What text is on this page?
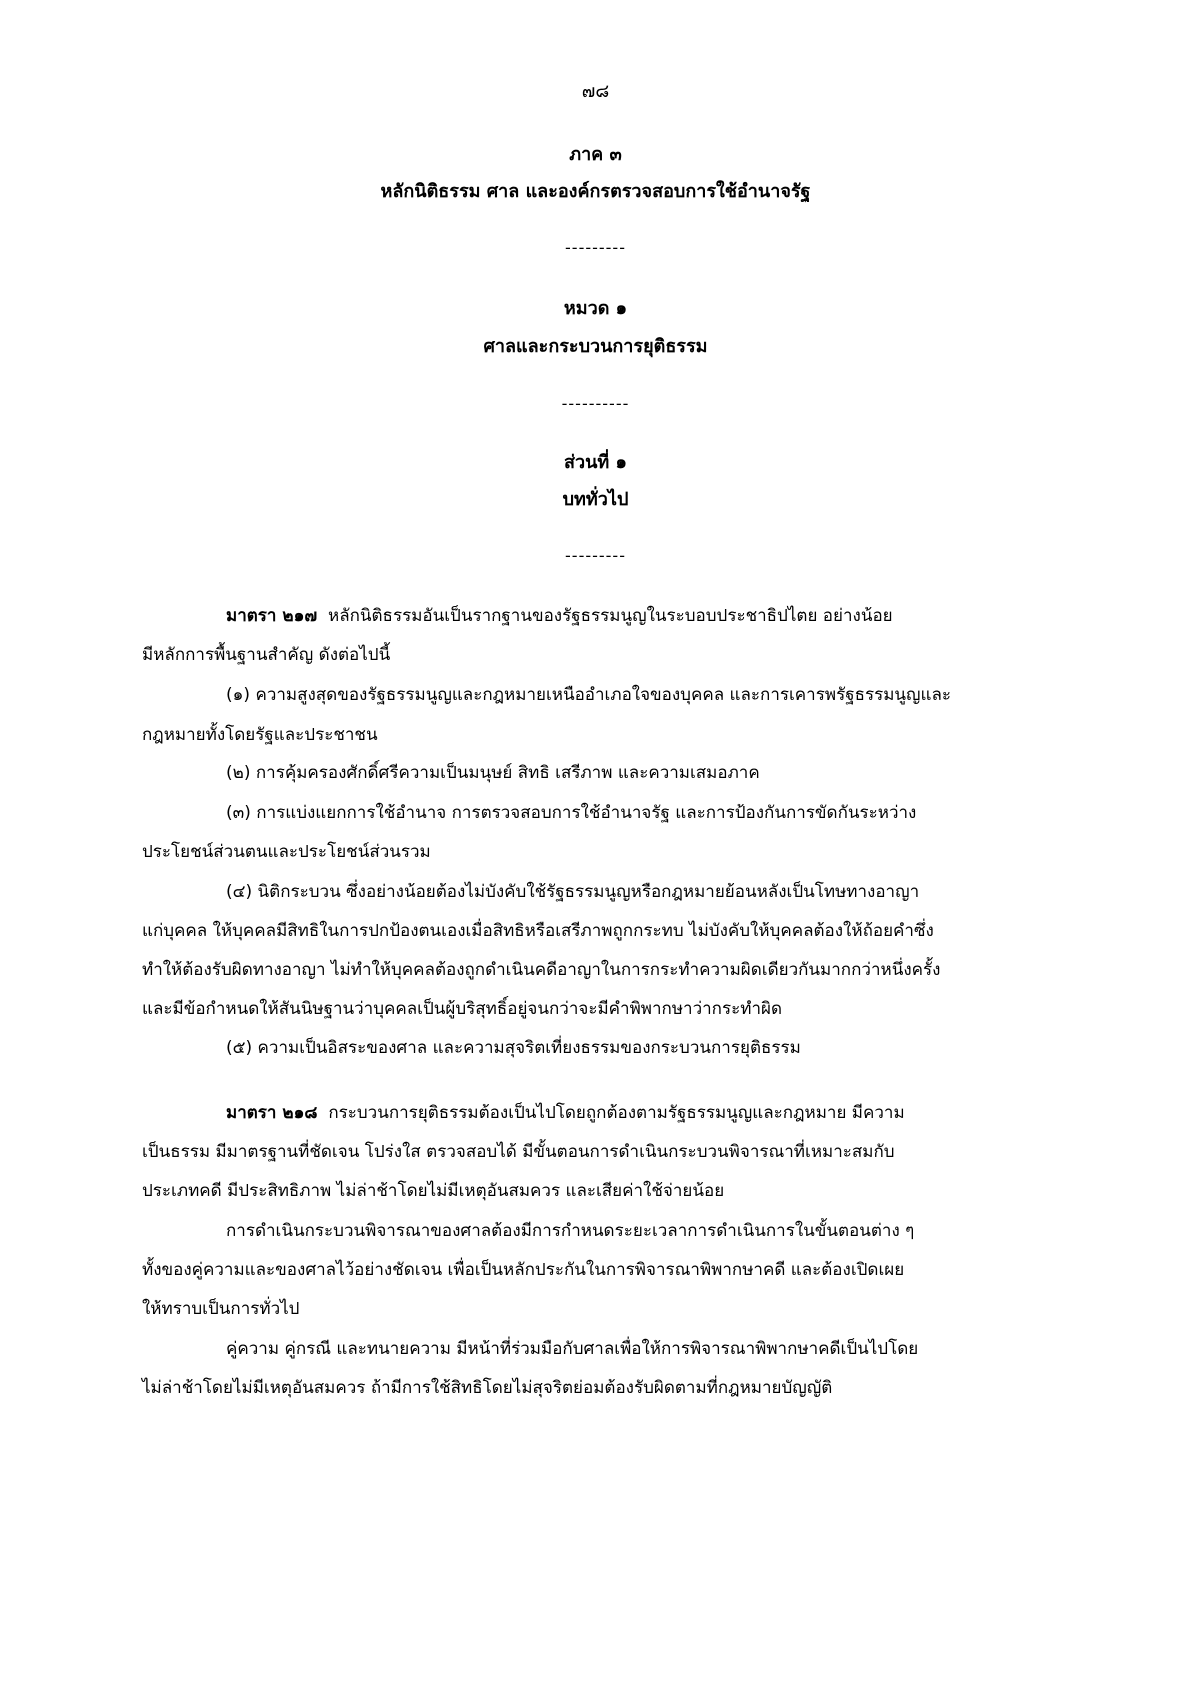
๗๘
ภาค ๓
หลักนิติธรรม ศาล และองค์กรตรวจสอบการใช้อำนาจรัฐ
---------
หมวด ๑
ศาลและกระบวนการยุติธรรม
----------
ส่วนที่ ๑
บททั่วไป
---------
มาตรา ๒๑๗ หลักนิติธรรมอันเป็นรากฐานของรัฐธรรมนูญในระบอบประชาธิปไตย อย่างน้อย
มีหลักการพื้นฐานสำคัญ ดังต่อไปนี้
(๑) ความสูงสุดของรัฐธรรมนูญและกฎหมายเหนืออำเภอใจของบุคคล และการเคารพรัฐธรรมนูญและ
กฎหมายทั้งโดยรัฐและประชาชน
(๒) การคุ้มครองศักดิ์ศรีความเป็นมนุษย์ สิทธิ เสรีภาพ และความเสมอภาค
(๓) การแบ่งแยกการใช้อำนาจ การตรวจสอบการใช้อำนาจรัฐ และการป้องกันการขัดกันระหว่าง
ประโยชน์ส่วนตนและประโยชน์ส่วนรวม
(๔) นิติกระบวน ซึ่งอย่างน้อยต้องไม่บังคับใช้รัฐธรรมนูญหรือกฎหมายย้อนหลังเป็นโทษทางอาญา
แก่บุคคล ให้บุคคลมีสิทธิในการปกป้องตนเองเมื่อสิทธิหรือเสรีภาพถูกกระทบ ไม่บังคับให้บุคคลต้องให้ถ้อยคำซึ่ง
ทำให้ต้องรับผิดทางอาญา ไม่ทำให้บุคคลต้องถูกดำเนินคดีอาญาในการกระทำความผิดเดียวกันมากกว่าหนึ่งครั้ง
และมีข้อกำหนดให้สันนิษฐานว่าบุคคลเป็นผู้บริสุทธิ์อยู่จนกว่าจะมีคำพิพากษาว่ากระทำผิด
(๕) ความเป็นอิสระของศาล และความสุจริตเที่ยงธรรมของกระบวนการยุติธรรม
มาตรา ๒๑๘ กระบวนการยุติธรรมต้องเป็นไปโดยถูกต้องตามรัฐธรรมนูญและกฎหมาย มีความ
เป็นธรรม มีมาตรฐานที่ชัดเจน โปร่งใส ตรวจสอบได้ มีขั้นตอนการดำเนินกระบวนพิจารณาที่เหมาะสมกับ
ประเภทคดี มีประสิทธิภาพ ไม่ล่าช้าโดยไม่มีเหตุอันสมควร และเสียค่าใช้จ่ายน้อย
การดำเนินกระบวนพิจารณาของศาลต้องมีการกำหนดระยะเวลาการดำเนินการในขั้นตอนต่าง ๆ
ทั้งของคู่ความและของศาลไว้อย่างชัดเจน เพื่อเป็นหลักประกันในการพิจารณาพิพากษาคดี และต้องเปิดเผย
ให้ทราบเป็นการทั่วไป
คู่ความ คู่กรณี และทนายความ มีหน้าที่ร่วมมือกับศาลเพื่อให้การพิจารณาพิพากษาคดีเป็นไปโดย
ไม่ล่าช้าโดยไม่มีเหตุอันสมควร ถ้ามีการใช้สิทธิโดยไม่สุจริตย่อมต้องรับผิดตามที่กฎหมายบัญญัติ
